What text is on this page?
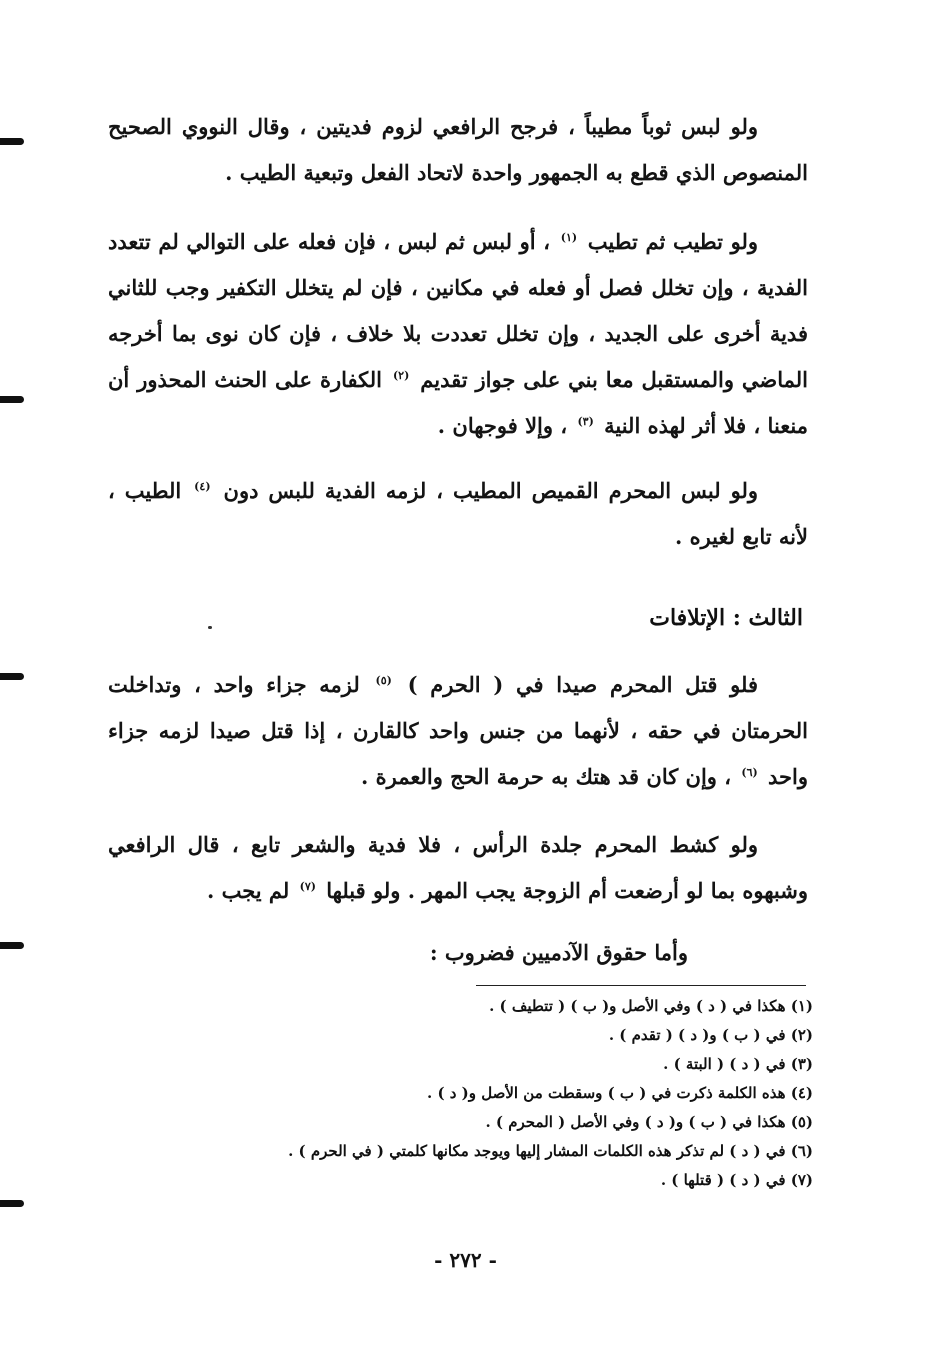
ولو لبس ثوباً مطيباً ، فرجح الرافعي لزوم فديتين ، وقال النووي الصحيح المنصوص الذي قطع به الجمهور واحدة لاتحاد الفعل وتبعية الطيب .

ولو تطيب ثم تطيب $^{(١)}$ ، أو لبس ثم لبس ، فإن فعله على التوالي لم تتعدد الفدية ، وإن تخلل فصل أو فعله في مكانين ، فإن لم يتخلل التكفير وجب للثاني فدية أخرى على الجديد ، وإن تخلل تعددت بلا خلاف ، فإن كان نوى بما أخرجه الماضي والمستقبل معا بني على جواز تقديم $^{(٢)}$ الكفارة على الحنث المحذور أن منعنا ، فلا أثر لهذه النية $^{(٣)}$ ، وإلا فوجهان .

ولو لبس المحرم القميص المطيب ، لزمه الفدية للبس دون $^{(٤)}$ الطيب ، لأنه تابع لغيره .

الثالث : الإتلافات

فلو قتل المحرم صيدا في ( الحرم ) $^{(٥)}$ لزمه جزاء واحد ، وتداخلت الحرمتان في حقه ، لأنهما من جنس واحد كالقارن ، إذا قتل صيدا لزمه جزاء واحد $^{(٦)}$ ، وإن كان قد هتك به حرمة الحج والعمرة .

ولو كشط المحرم جلدة الرأس ، فلا فدية والشعر تابع ، قال الرافعي وشبهوه بما لو أرضعت أم الزوجة يجب المهر . ولو قبلها $^{(٧)}$ لم يجب .

وأما حقوق الآدميين فضروب :

(١) هكذا في ( د ) وفي الأصل و( ب ) ( تتطيف ) .
(٢) في ( ب ) و( د ) ( تقدم ) .
(٣) في ( د ) ( البتة ) .
(٤) هذه الكلمة ذكرت في ( ب ) وسقطت من الأصل و( د ) .
(٥) هكذا في ( ب ) و( د ) وفي الأصل ( المحرم ) .
(٦) في ( د ) لم تذكر هذه الكلمات المشار إليها ويوجد مكانها كلمتي ( في الحرم ) .
(٧) في ( د ) ( قتلها ) .
- ٢٧٢ -
